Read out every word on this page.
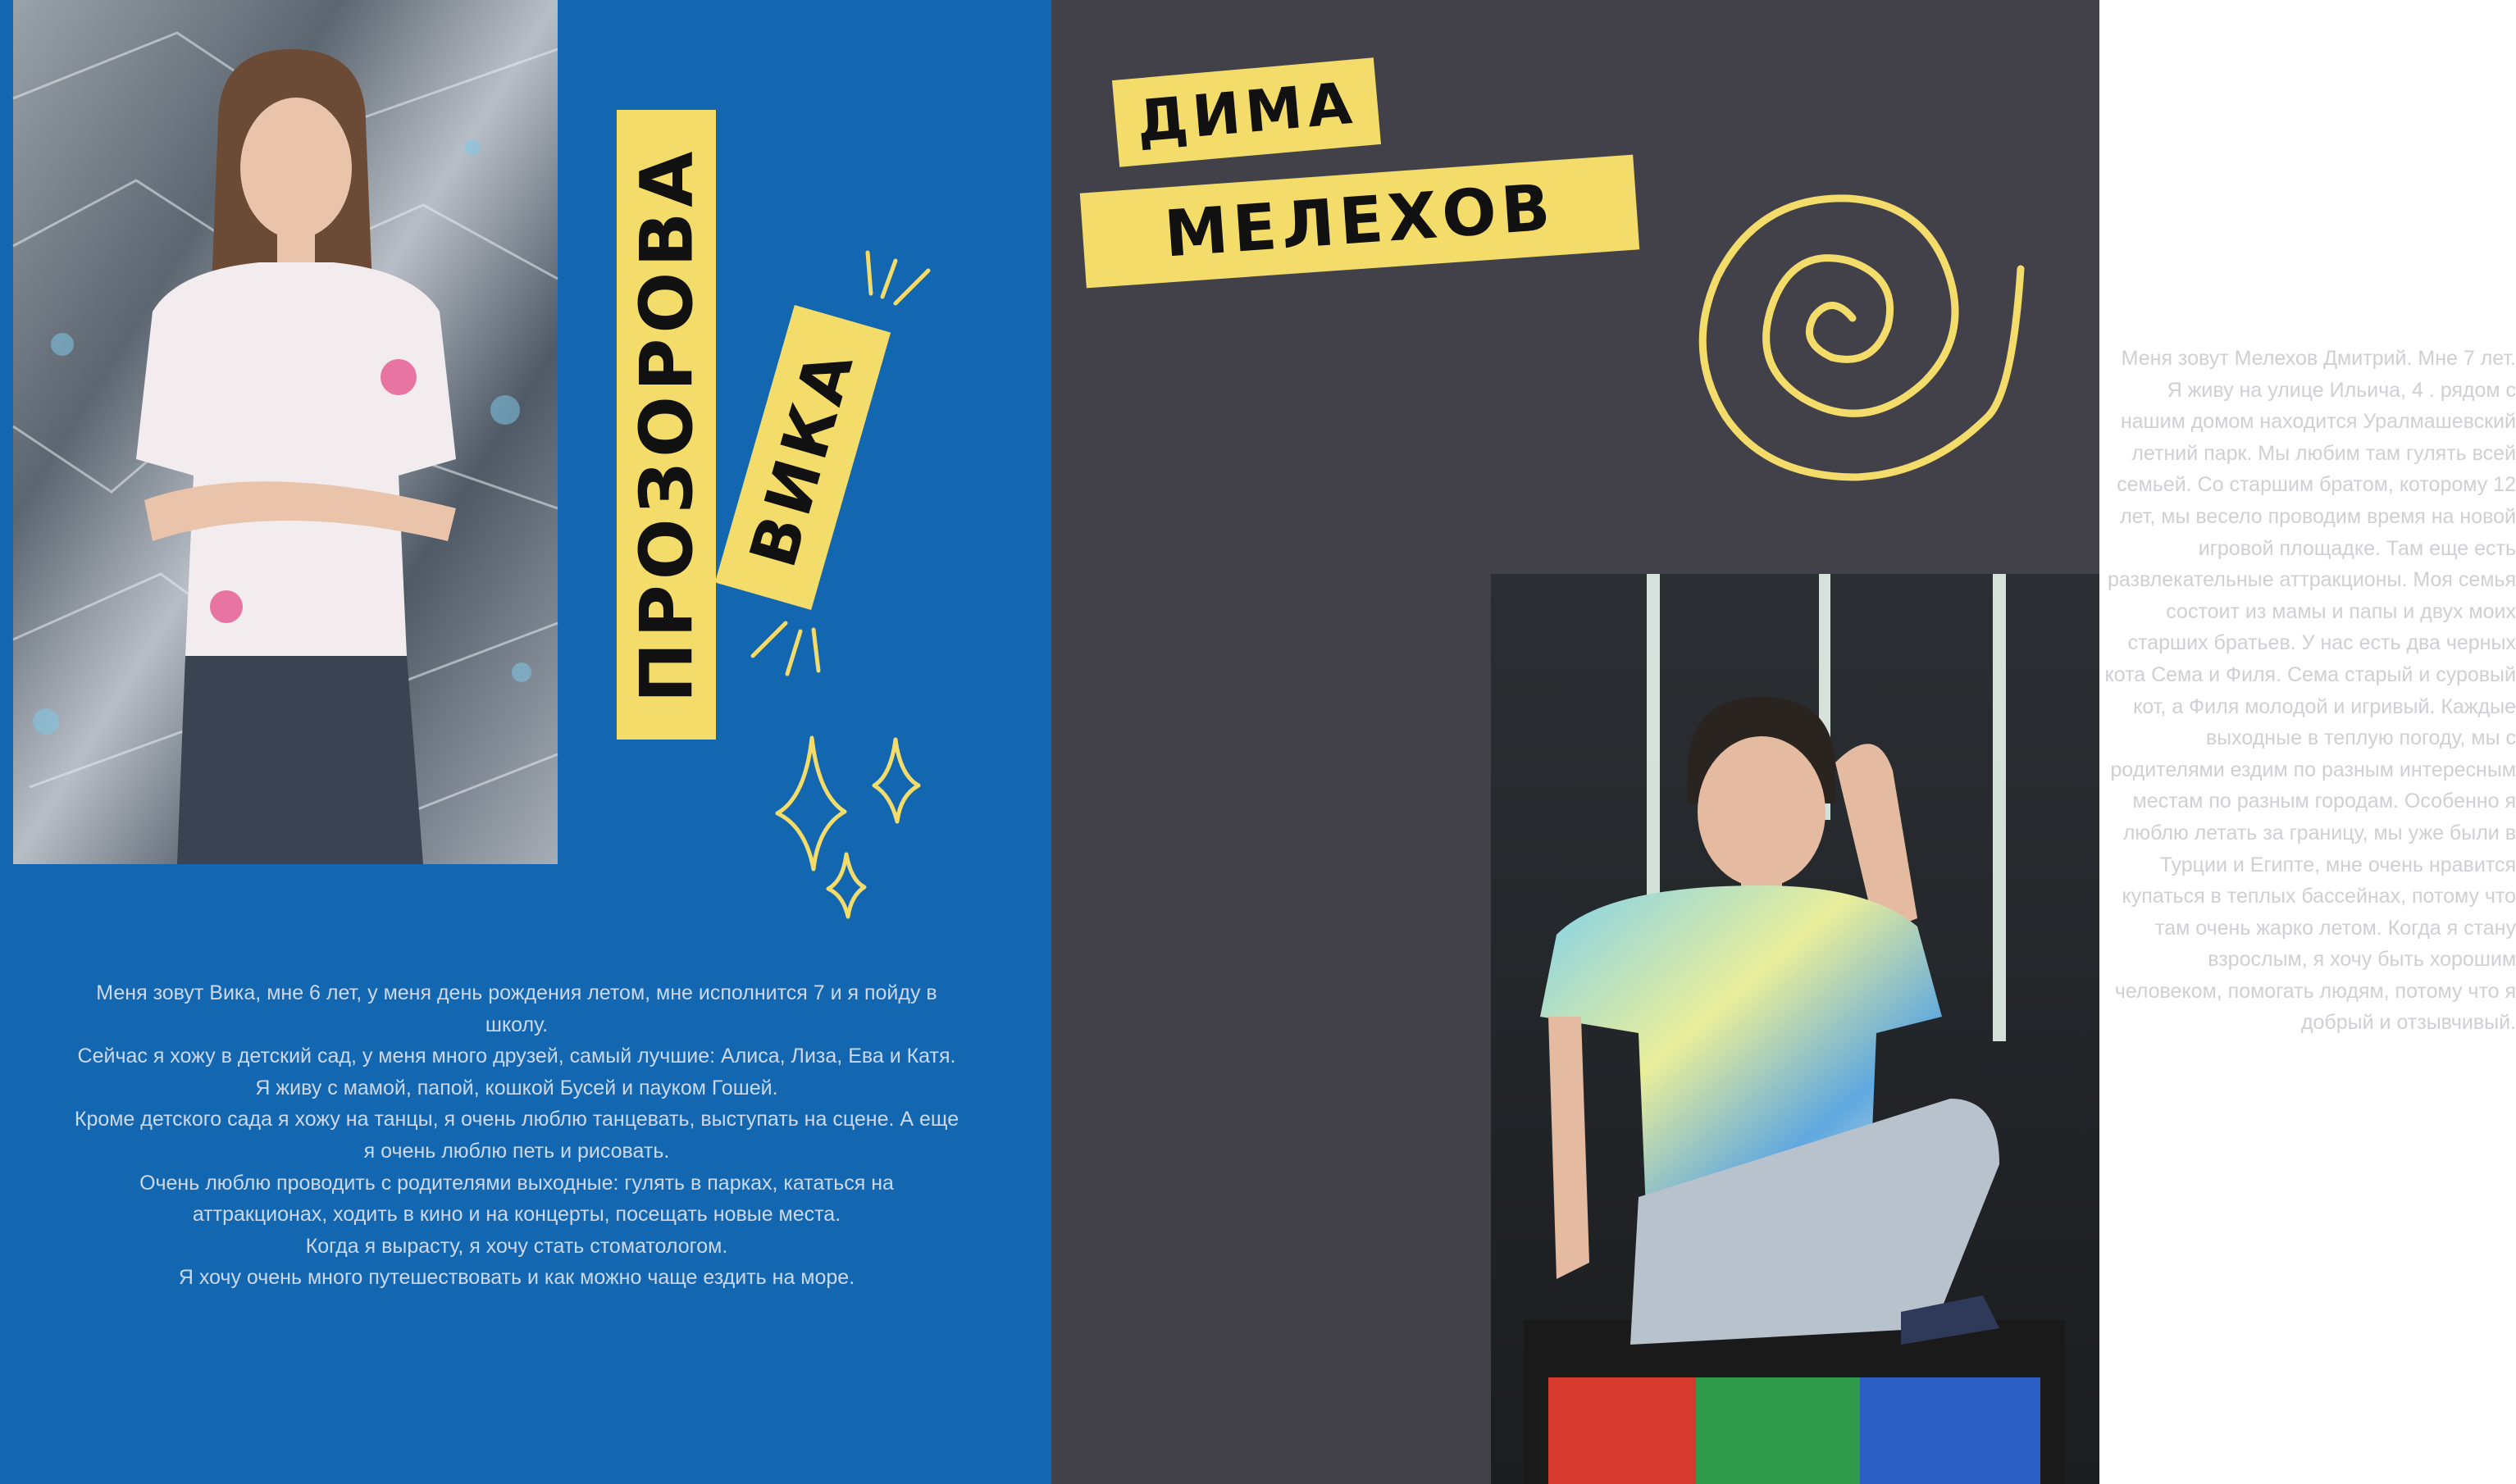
ПРОЗОРОВА ВИКА

Меня зовут Вика, мне 6 лет, у меня день рождения летом, мне исполнится 7 и я пойду в школу.

Сейчас я хожу в детский сад, у меня много друзей, самый лучшие: Алиса, Лиза, Ева и Катя.

Я живу с мамой, папой, кошкой Бусей и пауком Гошей.

Кроме детского сада я хожу на танцы, я очень люблю танцевать, выступать на сцене. А еще я очень люблю петь и рисовать.

Очень люблю проводить с родителями выходные: гулять в парках, кататься на аттракционах, ходить в кино и на концерты, посещать новые места.

Когда я вырасту, я хочу стать стоматологом.

Я хочу очень много путешествовать и как можно чаще ездить на море.

ДИМА
МЕЛЕХОВ
Меня зовут Мелехов Дмитрий. Мне 7 лет. Я живу на улице Ильича, 4 . рядом с нашим домом находится Уралмашевский летний парк. Мы любим там гулять всей семьей. Со старшим братом, которому 12 лет, мы весело проводим время на новой игровой площадке. Там еще есть развлекательные аттракционы. Моя семья состоит из мамы и папы и двух моих старших братьев. У нас есть два черных кота Сема и Филя. Сема старый и суровый кот, а Филя молодой и игривый. Каждые выходные в теплую погоду, мы с родителями ездим по разным интересным местам по разным городам. Особенно я люблю летать за границу, мы уже были в Турции и Египте, мне очень нравится купаться в теплых бассейнах, потому что там очень жарко летом. Когда я стану взрослым, я хочу быть хорошим человеком, помогать людям, потому что я добрый и отзывчивый.
